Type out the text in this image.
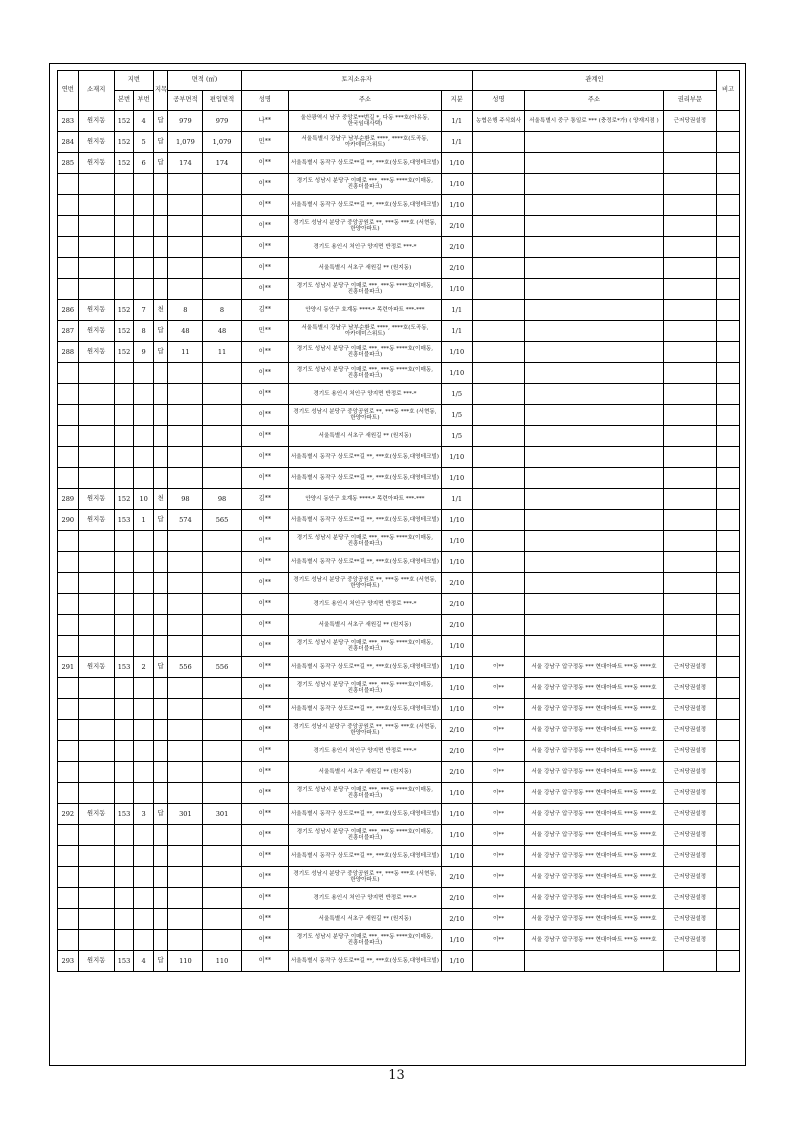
연번	소재지	지번		지목	면적 (㎡)		토지소유자			관계인			비고
		본번	부번		공부면적	편입면적	성명	주소	지분	성명	주소	권리부문	
283	원지동	152	4	답	979	979	나**	울산광역시 남구 중앙로**번길 *, 다동 ***호(아유동,한국임대사택)	1/1	농협은행 주식회사	서울특별시 중구 통일로 *** (충정로*가) ( 양재지점 )	근저당권설정	
284	원지동	152	5	답	1,079	1,079	민**	서울특별시 강남구 남부순환로 ****, ****호(도곡동, 아카데미스위트)	1/1				
285	원지동	152	6	답	174	174	이**	서울특별시 동작구 상도로**길 **, ***호(상도동,대영테크빌)	1/10				
							이**	경기도 성남시 분당구 이매로 ***, ***동 ****호(이매동,진흥더블파크)	1/10				
							이**	서울특별시 동작구 상도로**길 **, ***호(상도동,대영테크빌)	1/10				
							이**	경기도 성남시 분당구 중앙공원로 **, ***동 ***호 (서현동,한양아파트)	2/10				
							이**	경기도 용인시 처인구 양지면 반정로 ***-*	2/10				
							이**	서울특별시 서초구 새원길 ** (원지동)	2/10				
							이**	경기도 성남시 분당구 이매로 ***, ***동 ****호(이매동,진흥더블파크)	1/10				
286	원지동	152	7	천	8	8	김**	안양시 동안구 호계동 ****-* 목련아파트 ***-***	1/1				
287	원지동	152	8	답	48	48	민**	서울특별시 강남구 남부순환로 ****, ****호(도곡동, 아카데미스위트)	1/1				
288	원지동	152	9	답	11	11	이**	경기도 성남시 분당구 이매로 ***, ***동 ****호(이매동,진흥더블파크)	1/10				
							이**	경기도 성남시 분당구 이매로 ***, ***동 ****호(이매동,진흥더블파크)	1/10				
							이**	경기도 용인시 처인구 양지면 반정로 ***-*	1/5				
							이**	경기도 성남시 분당구 중앙공원로 **, ***동 ***호 (서현동,한양아파트)	1/5				
							이**	서울특별시 서초구 새원길 ** (원지동)	1/5				
							이**	서울특별시 동작구 상도로**길 **, ***호(상도동,대영테크빌)	1/10				
							이**	서울특별시 동작구 상도로**길 **, ***호(상도동,대영테크빌)	1/10				
289	원지동	152	10	천	98	98	김**	안양시 동안구 호계동 ****-* 목련아파트 ***-***	1/1				
290	원지동	153	1	답	574	565	이**	서울특별시 동작구 상도로**길 **, ***호(상도동,대영테크빌)	1/10				
							이**	경기도 성남시 분당구 이매로 ***, ***동 ****호(이매동,진흥더블파크)	1/10				
							이**	서울특별시 동작구 상도로**길 **, ***호(상도동,대영테크빌)	1/10				
							이**	경기도 성남시 분당구 중앙공원로 **, ***동 ***호 (서현동,한양아파트)	2/10				
							이**	경기도 용인시 처인구 양지면 반정로 ***-*	2/10				
							이**	서울특별시 서초구 새원길 ** (원지동)	2/10				
							이**	경기도 성남시 분당구 이매로 ***, ***동 ****호(이매동,진흥더블파크)	1/10				
291	원지동	153	2	답	556	556	이**	서울특별시 동작구 상도로**길 **, ***호(상도동,대영테크빌)	1/10	이**	서울 강남구 압구정동 *** 현대아파트 ***동 ****호	근저당권설정	
							이**	경기도 성남시 분당구 이매로 ***, ***동 ****호(이매동,진흥더블파크)	1/10	이**	서울 강남구 압구정동 *** 현대아파트 ***동 ****호	근저당권설정	
							이**	서울특별시 동작구 상도로**길 **, ***호(상도동,대영테크빌)	1/10	이**	서울 강남구 압구정동 *** 현대아파트 ***동 ****호	근저당권설정	
							이**	경기도 성남시 분당구 중앙공원로 **, ***동 ***호 (서현동,한양아파트)	2/10	이**	서울 강남구 압구정동 *** 현대아파트 ***동 ****호	근저당권설정	
							이**	경기도 용인시 처인구 양지면 반정로 ***-*	2/10	이**	서울 강남구 압구정동 *** 현대아파트 ***동 ****호	근저당권설정	
							이**	서울특별시 서초구 새원길 ** (원지동)	2/10	이**	서울 강남구 압구정동 *** 현대아파트 ***동 ****호	근저당권설정	
							이**	경기도 성남시 분당구 이매로 ***, ***동 ****호(이매동,진흥더블파크)	1/10	이**	서울 강남구 압구정동 *** 현대아파트 ***동 ****호	근저당권설정	
292	원지동	153	3	답	301	301	이**	서울특별시 동작구 상도로**길 **, ***호(상도동,대영테크빌)	1/10	이**	서울 강남구 압구정동 *** 현대아파트 ***동 ****호	근저당권설정	
							이**	경기도 성남시 분당구 이매로 ***, ***동 ****호(이매동,진흥더블파크)	1/10	이**	서울 강남구 압구정동 *** 현대아파트 ***동 ****호	근저당권설정	
							이**	서울특별시 동작구 상도로**길 **, ***호(상도동,대영테크빌)	1/10	이**	서울 강남구 압구정동 *** 현대아파트 ***동 ****호	근저당권설정	
							이**	경기도 성남시 분당구 중앙공원로 **, ***동 ***호 (서현동,한양아파트)	2/10	이**	서울 강남구 압구정동 *** 현대아파트 ***동 ****호	근저당권설정	
							이**	경기도 용인시 처인구 양지면 반정로 ***-*	2/10	이**	서울 강남구 압구정동 *** 현대아파트 ***동 ****호	근저당권설정	
							이**	서울특별시 서초구 새원길 ** (원지동)	2/10	이**	서울 강남구 압구정동 *** 현대아파트 ***동 ****호	근저당권설정	
							이**	경기도 성남시 분당구 이매로 ***, ***동 ****호(이매동,진흥더블파크)	1/10	이**	서울 강남구 압구정동 *** 현대아파트 ***동 ****호	근저당권설정	
293	원지동	153	4	답	110	110	이**	서울특별시 동작구 상도로**길 **, ***호(상도동,대영테크빌)	1/10				
13
